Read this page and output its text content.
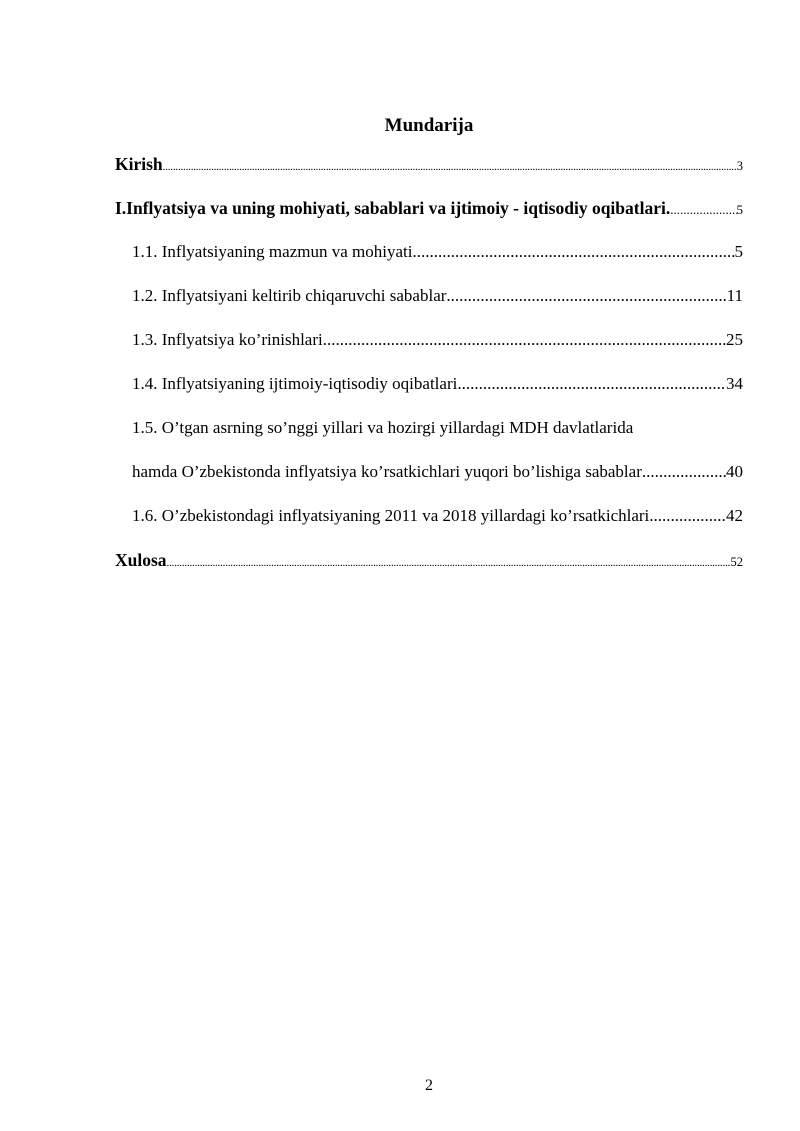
Mundarija
Kirish .....	3
I.Inflyatsiya va uning mohiyati, sabablari va ijtimoiy - iqtisodiy oqibatlari. .....	5
1.1. Inflyatsiyaning mazmun va mohiyati .....	5
1.2. Inflyatsiyani keltirib chiqaruvchi sabablar .....	11
1.3. Inflyatsiya ko’rinishlari .....	25
1.4. Inflyatsiyaning ijtimoiy-iqtisodiy oqibatlari .....	34
1.5. O’tgan asrning so’nggi yillari va hozirgi yillardagi MDH davlatlarida
hamda O’zbekistonda inflyatsiya ko’rsatkichlari yuqori bo’lishiga sabablar .....	40
1.6. O’zbekistondagi inflyatsiyaning 2011 va 2018 yillardagi ko’rsatkichlari .....	42
Xulosa .....	52
2
